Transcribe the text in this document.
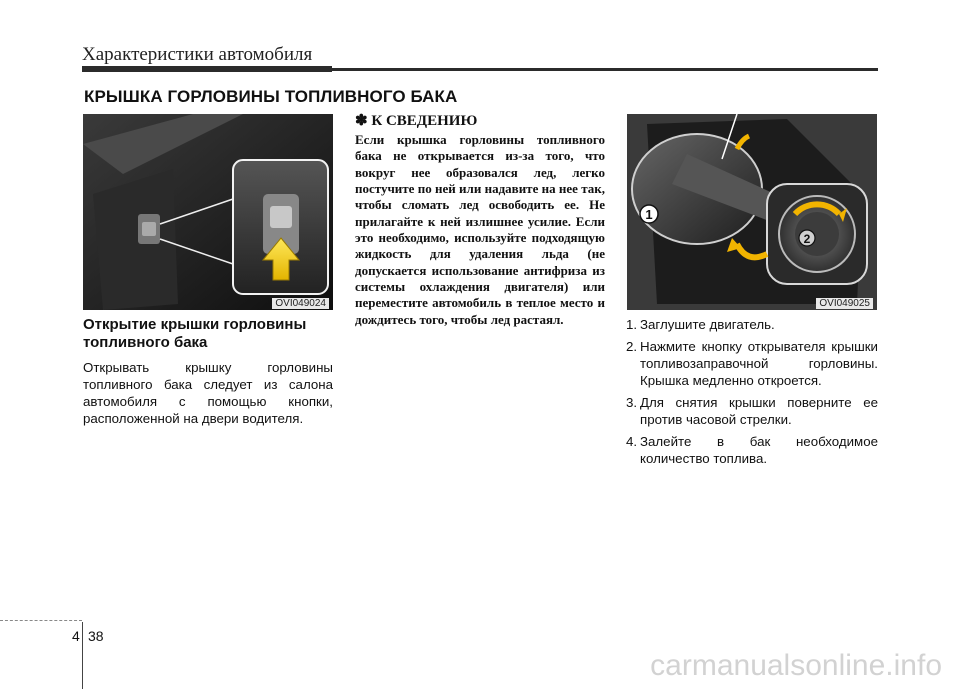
Характеристики автомобиля
КРЫШКА ГОРЛОВИНЫ ТОПЛИВНОГО БАКА
OVI049024

Открытие крышки горловины топливного бака

Открывать крышку горловины топливного бака следует из салона автомобиля с помощью кнопки, расположенной на двери водителя.

✽ К СВЕДЕНИЮ

Если крышка горловины топливного бака не открывается из-за того, что вокруг нее образовался лед, легко постучите по ней или надавите на нее так, чтобы сломать лед освободить ее. Не прилагайте к ней излишнее усилие. Если это необходимо, используйте подходящую жидкость для удаления льда (не допускается использование антифриза из системы охлаждения двигателя) или переместите автомобиль в теплое место и дождитесь того, чтобы лед растаял.

1
2
OVI049025
1. Заглушите двигатель.
2. Нажмите кнопку открывателя крышки топливозаправочной горловины. Крышка медленно откроется.
3. Для снятия крышки поверните ее против часовой стрелки.
4. Залейте в бак необходимое количество топлива.
4 38
carmanualsonline.info
